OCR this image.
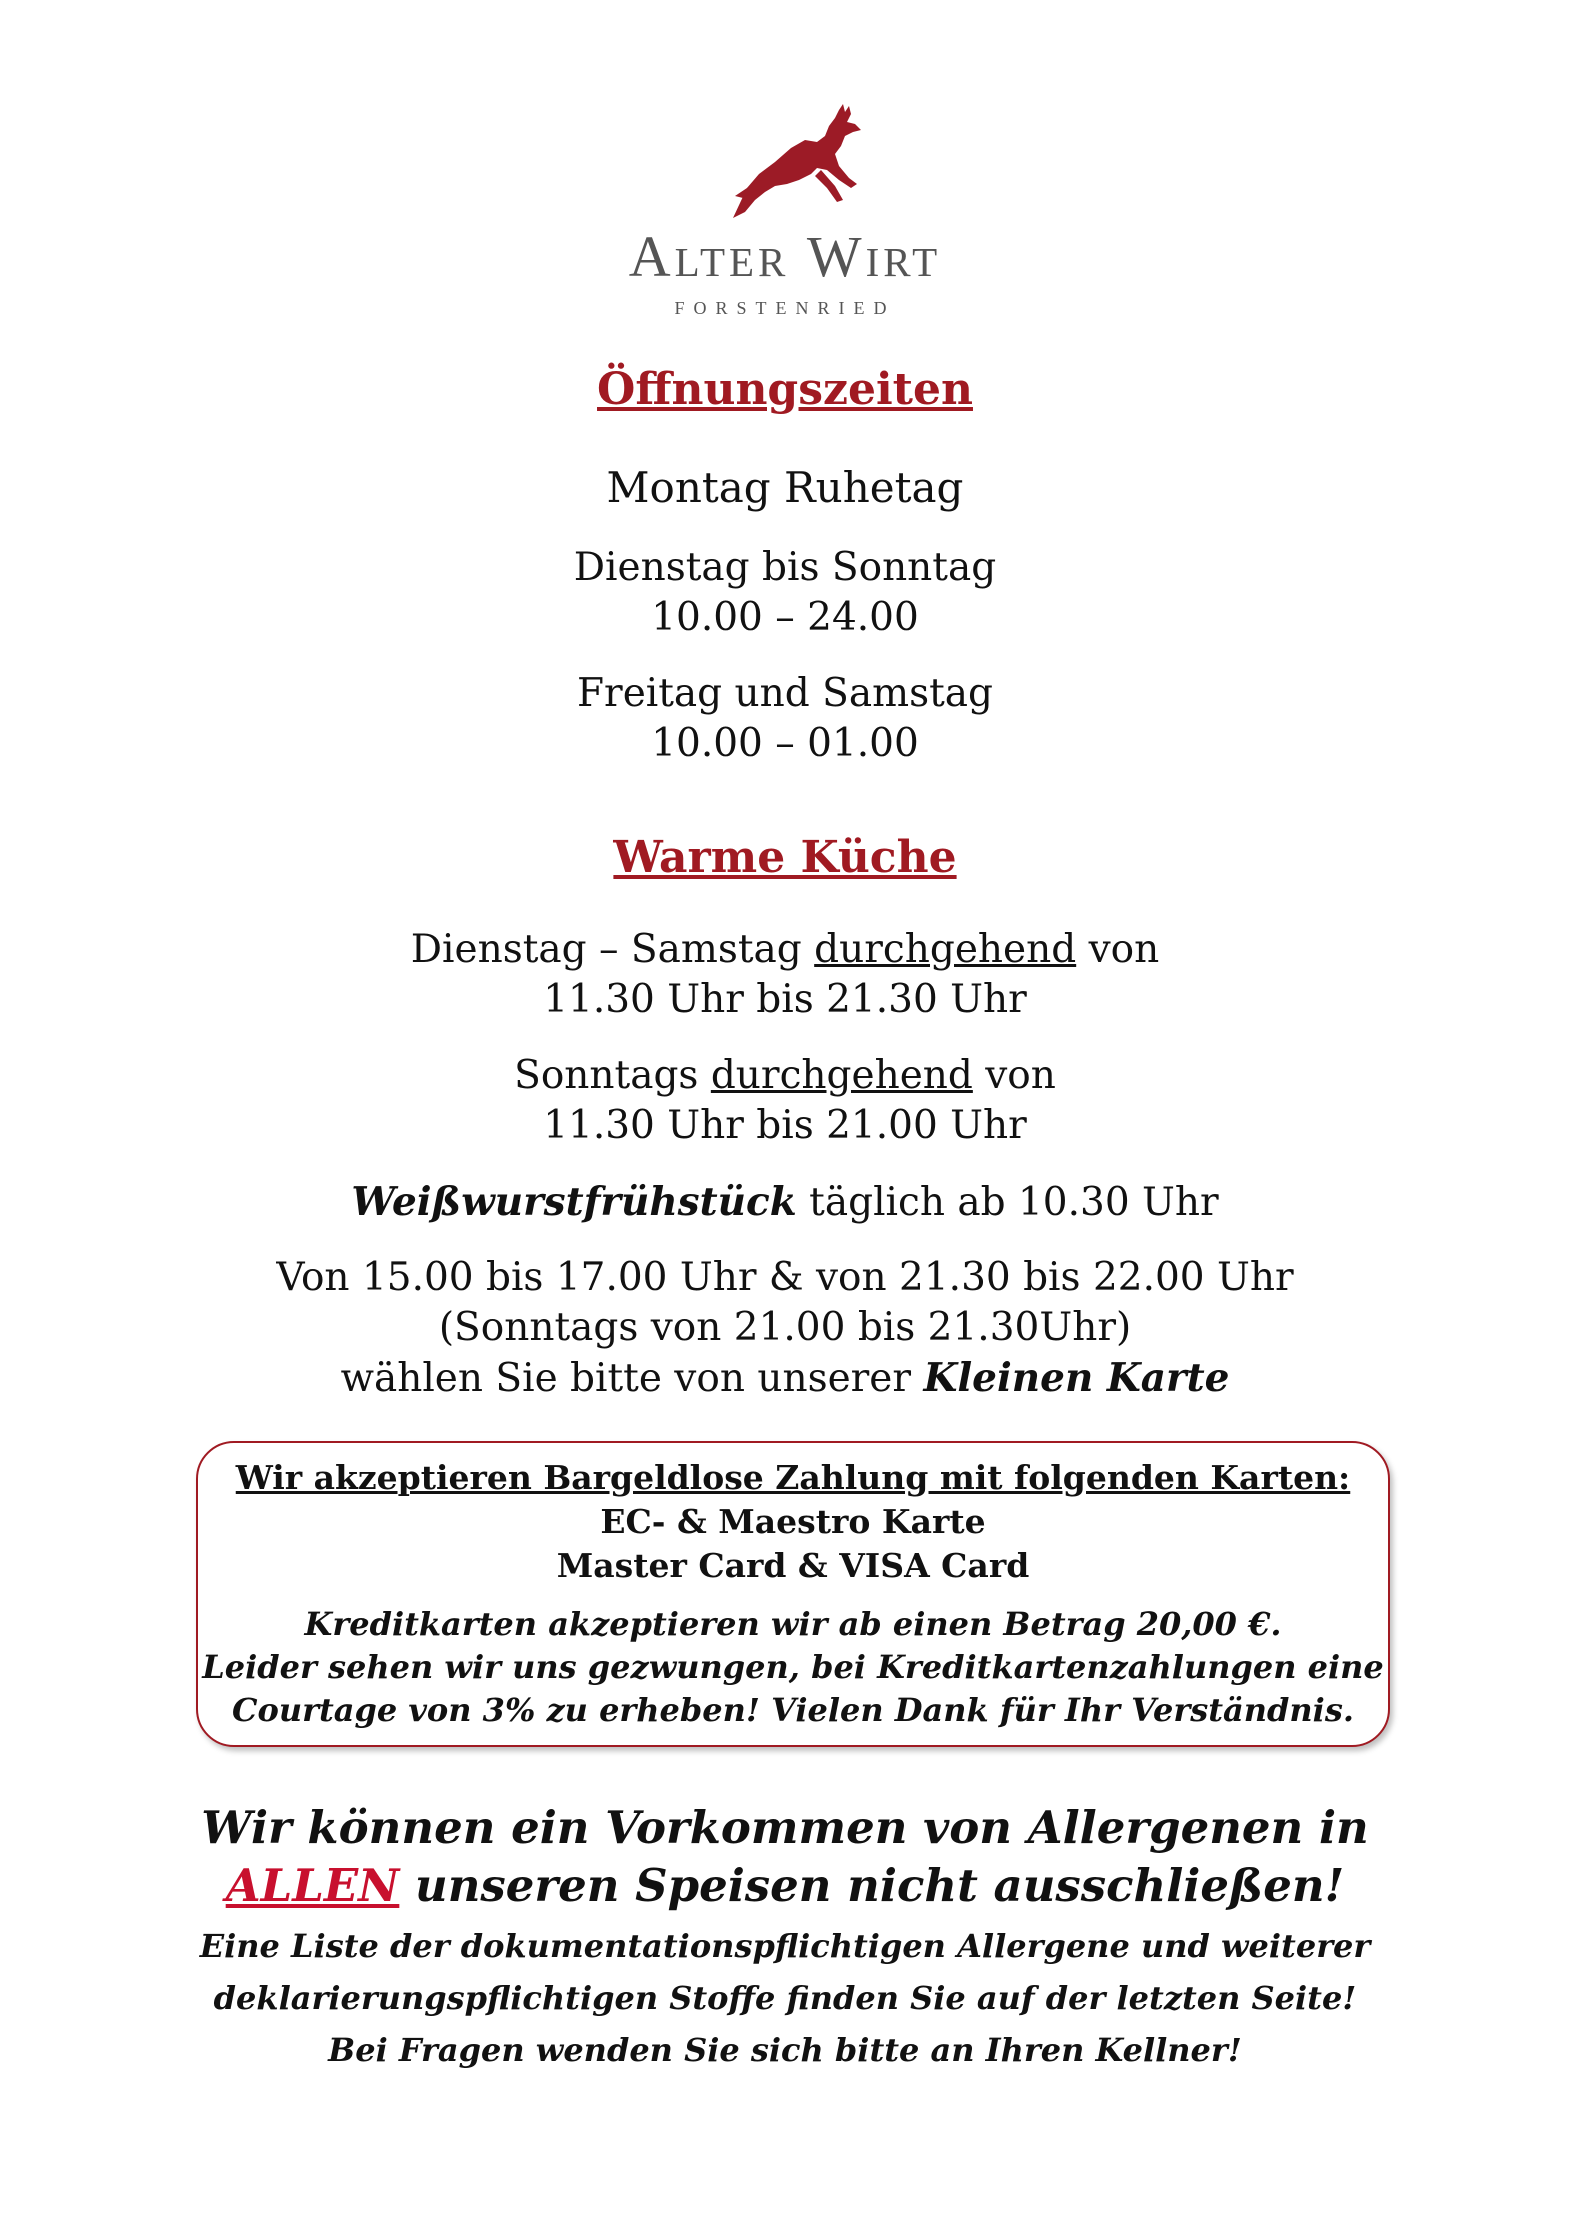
Alter Wirt
FORSTENRIED
Öffnungszeiten
Montag Ruhetag
Dienstag bis Sonntag
10.00 – 24.00
Freitag und Samstag
10.00 – 01.00
Warme Küche
Dienstag – Samstag durchgehend von
11.30 Uhr bis 21.30 Uhr
Sonntags durchgehend von
11.30 Uhr bis 21.00 Uhr
Weißwurstfrühstück täglich ab 10.30 Uhr
Von 15.00 bis 17.00 Uhr & von 21.30 bis 22.00 Uhr
(Sonntags von 21.00 bis 21.30Uhr)
wählen Sie bitte von unserer Kleinen Karte
Wir akzeptieren Bargeldlose Zahlung mit folgenden Karten:
EC- & Maestro Karte
Master Card & VISA Card
Kreditkarten akzeptieren wir ab einen Betrag 20,00 €.
Leider sehen wir uns gezwungen, bei Kreditkartenzahlungen eine
Courtage von 3% zu erheben! Vielen Dank für Ihr Verständnis.
Wir können ein Vorkommen von Allergenen in
ALLEN unseren Speisen nicht ausschließen!
Eine Liste der dokumentationspflichtigen Allergene und weiterer
deklarierungspflichtigen Stoffe finden Sie auf der letzten Seite!
Bei Fragen wenden Sie sich bitte an Ihren Kellner!
